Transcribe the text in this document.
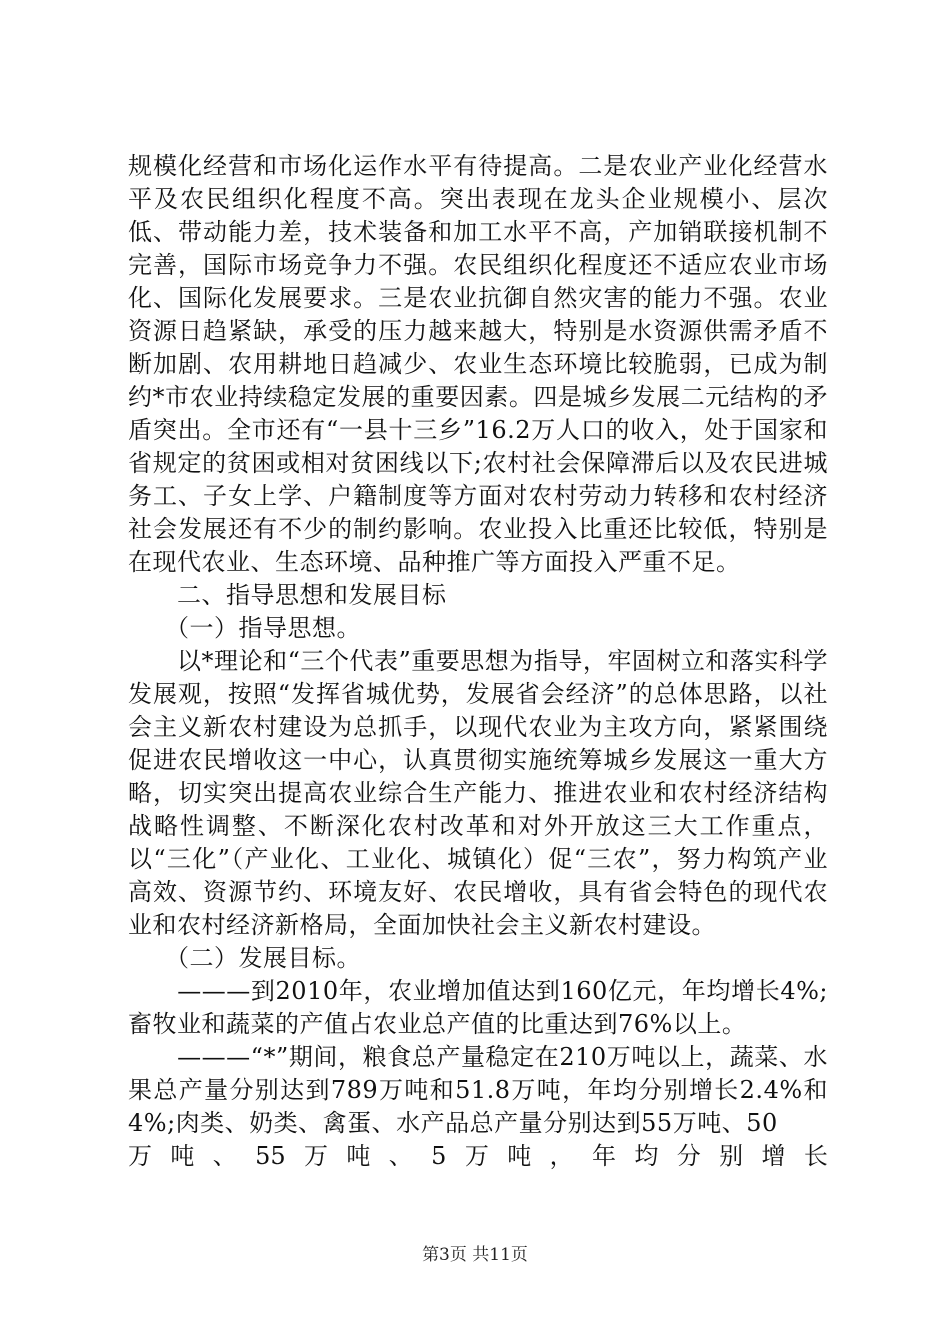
规模化经营和市场化运作水平有待提高。二是农业产业化经营水平及农民组织化程度不高。突出表现在龙头企业规模小、层次低、带动能力差，技术装备和加工水平不高，产加销联接机制不完善，国际市场竞争力不强。农民组织化程度还不适应农业市场化、国际化发展要求。三是农业抗御自然灾害的能力不强。农业资源日趋紧缺，承受的压力越来越大，特别是水资源供需矛盾不断加剧、农用耕地日趋减少、农业生态环境比较脆弱，已成为制约*市农业持续稳定发展的重要因素。四是城乡发展二元结构的矛盾突出。全市还有“一县十三乡”16.2万人口的收入，处于国家和省规定的贫困或相对贫困线以下;农村社会保障滞后以及农民进城务工、子女上学、户籍制度等方面对农村劳动力转移和农村经济社会发展还有不少的制约影响。农业投入比重还比较低，特别是在现代农业、生态环境、品种推广等方面投入严重不足。

　　二、指导思想和发展目标

　　（一）指导思想。

　　以*理论和“三个代表”重要思想为指导，牢固树立和落实科学发展观，按照“发挥省城优势，发展省会经济”的总体思路，以社会主义新农村建设为总抓手，以现代农业为主攻方向，紧紧围绕促进农民增收这一中心，认真贯彻实施统筹城乡发展这一重大方略，切实突出提高农业综合生产能力、推进农业和农村经济结构战略性调整、不断深化农村改革和对外开放这三大工作重点，以“三化”（产业化、工业化、城镇化）促“三农”，努力构筑产业高效、资源节约、环境友好、农民增收，具有省会特色的现代农业和农村经济新格局，全面加快社会主义新农村建设。

　　（二）发展目标。

　　———到2010年，农业增加值达到160亿元，年均增长4%;畜牧业和蔬菜的产值占农业总产值的比重达到76%以上。

　　———“*”期间，粮食总产量稳定在210万吨以上，蔬菜、水果总产量分别达到789万吨和51.8万吨，年均分别增长2.4%和4%;肉类、奶类、禽蛋、水产品总产量分别达到55万吨、50

万 吨 、 55 万 吨 、 5 万 吨 ， 年 均 分 别 增 长
第3页 共11页
